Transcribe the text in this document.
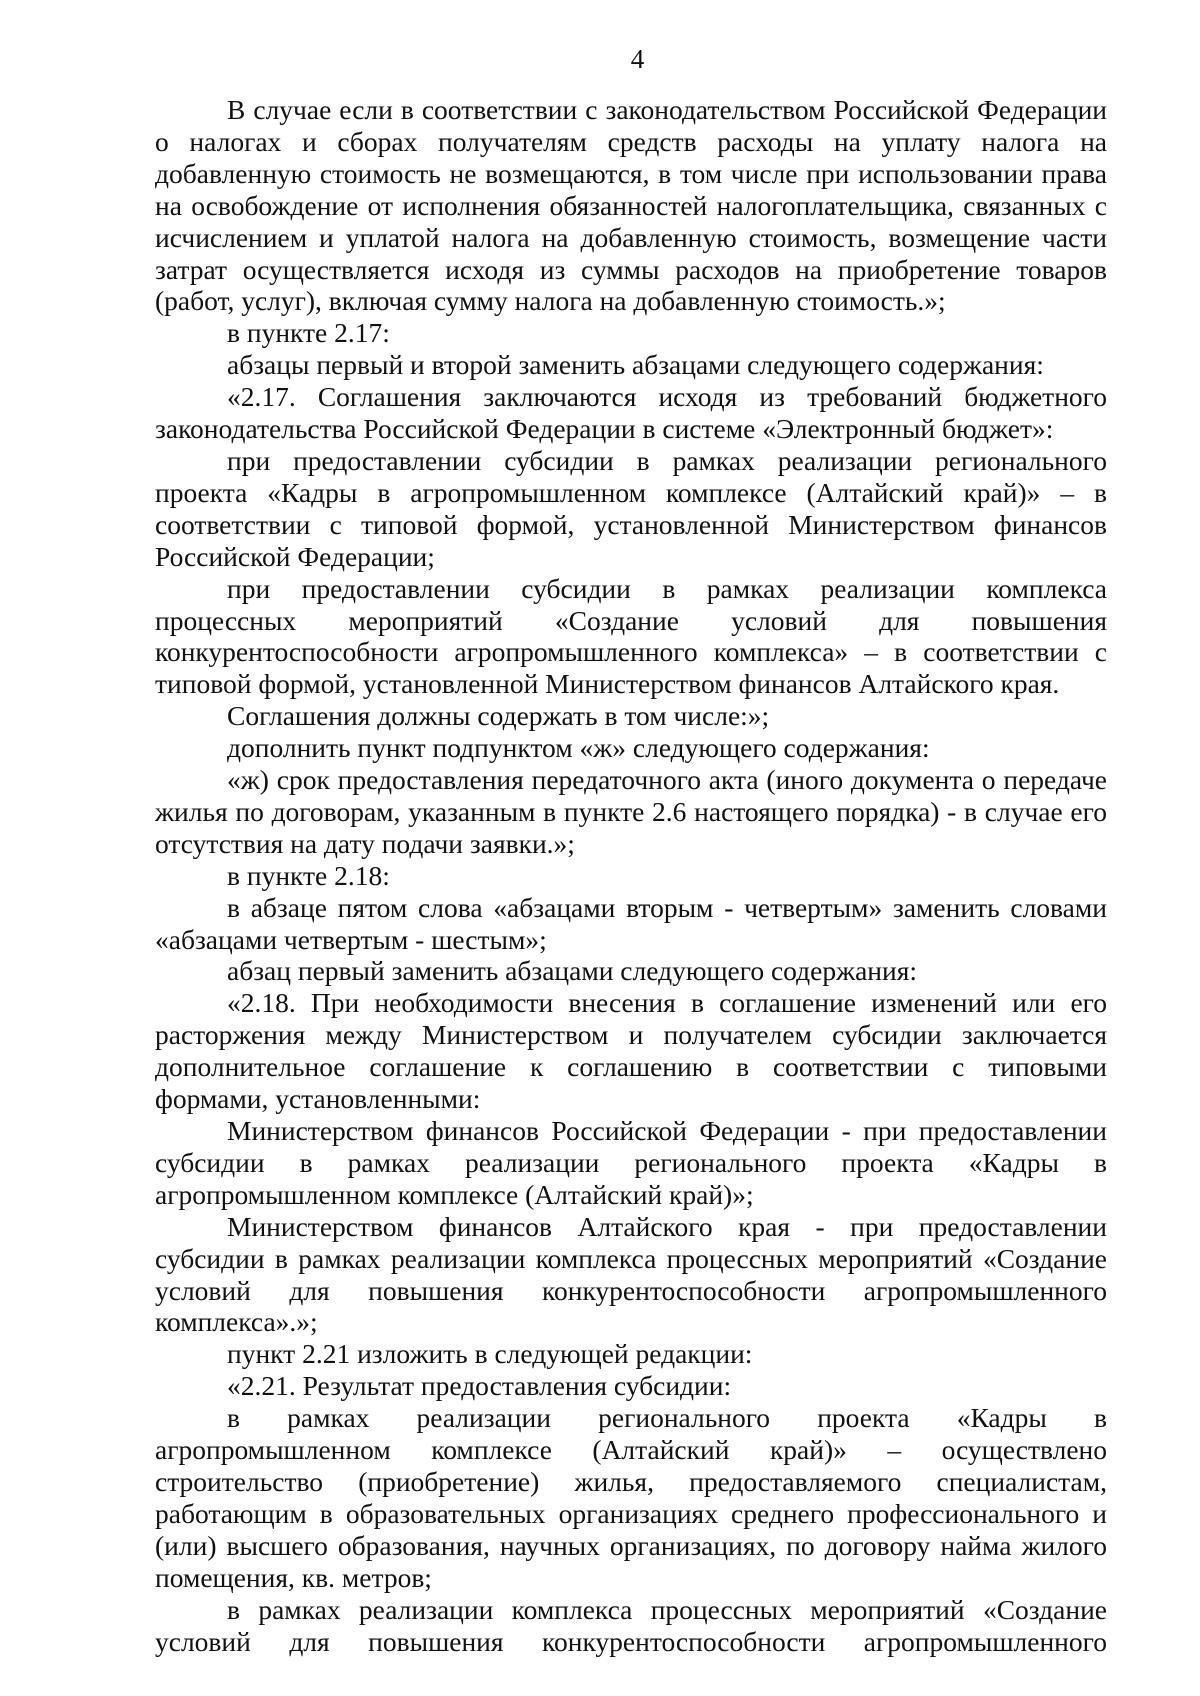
4

В случае если в соответствии с законодательством Российской Федерации о налогах и сборах получателям средств расходы на уплату налога на добавленную стоимость не возмещаются, в том числе при использовании права на освобождение от исполнения обязанностей налогоплательщика, связанных с исчислением и уплатой налога на добавленную стоимость, возмещение части затрат осуществляется исходя из суммы расходов на приобретение товаров (работ, услуг), включая сумму налога на добавленную стоимость.»;

в пункте 2.17:

абзацы первый и второй заменить абзацами следующего содержания:

«2.17. Соглашения заключаются исходя из требований бюджетного законодательства Российской Федерации в системе «Электронный бюджет»:

при предоставлении субсидии в рамках реализации регионального проекта «Кадры в агропромышленном комплексе (Алтайский край)» – в соответствии с типовой формой, установленной Министерством финансов Российской Федерации;

при предоставлении субсидии в рамках реализации комплекса процессных мероприятий «Создание условий для повышения конкурентоспособности агропромышленного комплекса» – в соответствии с типовой формой, установленной Министерством финансов Алтайского края.

Соглашения должны содержать в том числе:»;

дополнить пункт подпунктом «ж» следующего содержания:

«ж) срок предоставления передаточного акта (иного документа о передаче жилья по договорам, указанным в пункте 2.6 настоящего порядка) - в случае его отсутствия на дату подачи заявки.»;

в пункте 2.18:

в абзаце пятом слова «абзацами вторым - четвертым» заменить словами «абзацами четвертым - шестым»;

абзац первый заменить абзацами следующего содержания:

«2.18. При необходимости внесения в соглашение изменений или его расторжения между Министерством и получателем субсидии заключается дополнительное соглашение к соглашению в соответствии с типовыми формами, установленными:

Министерством финансов Российской Федерации - при предоставлении субсидии в рамках реализации регионального проекта «Кадры в агропромышленном комплексе (Алтайский край)»;

Министерством финансов Алтайского края - при предоставлении субсидии в рамках реализации комплекса процессных мероприятий «Создание условий для повышения конкурентоспособности агропромышленного комплекса».»;

пункт 2.21 изложить в следующей редакции:

«2.21. Результат предоставления субсидии:

в рамках реализации регионального проекта «Кадры в агропромышленном комплексе (Алтайский край)» – осуществлено строительство (приобретение) жилья, предоставляемого специалистам, работающим в образовательных организациях среднего профессионального и (или) высшего образования, научных организациях, по договору найма жилого помещения, кв. метров;

в рамках реализации комплекса процессных мероприятий «Создание условий для повышения конкурентоспособности агропромышленного
